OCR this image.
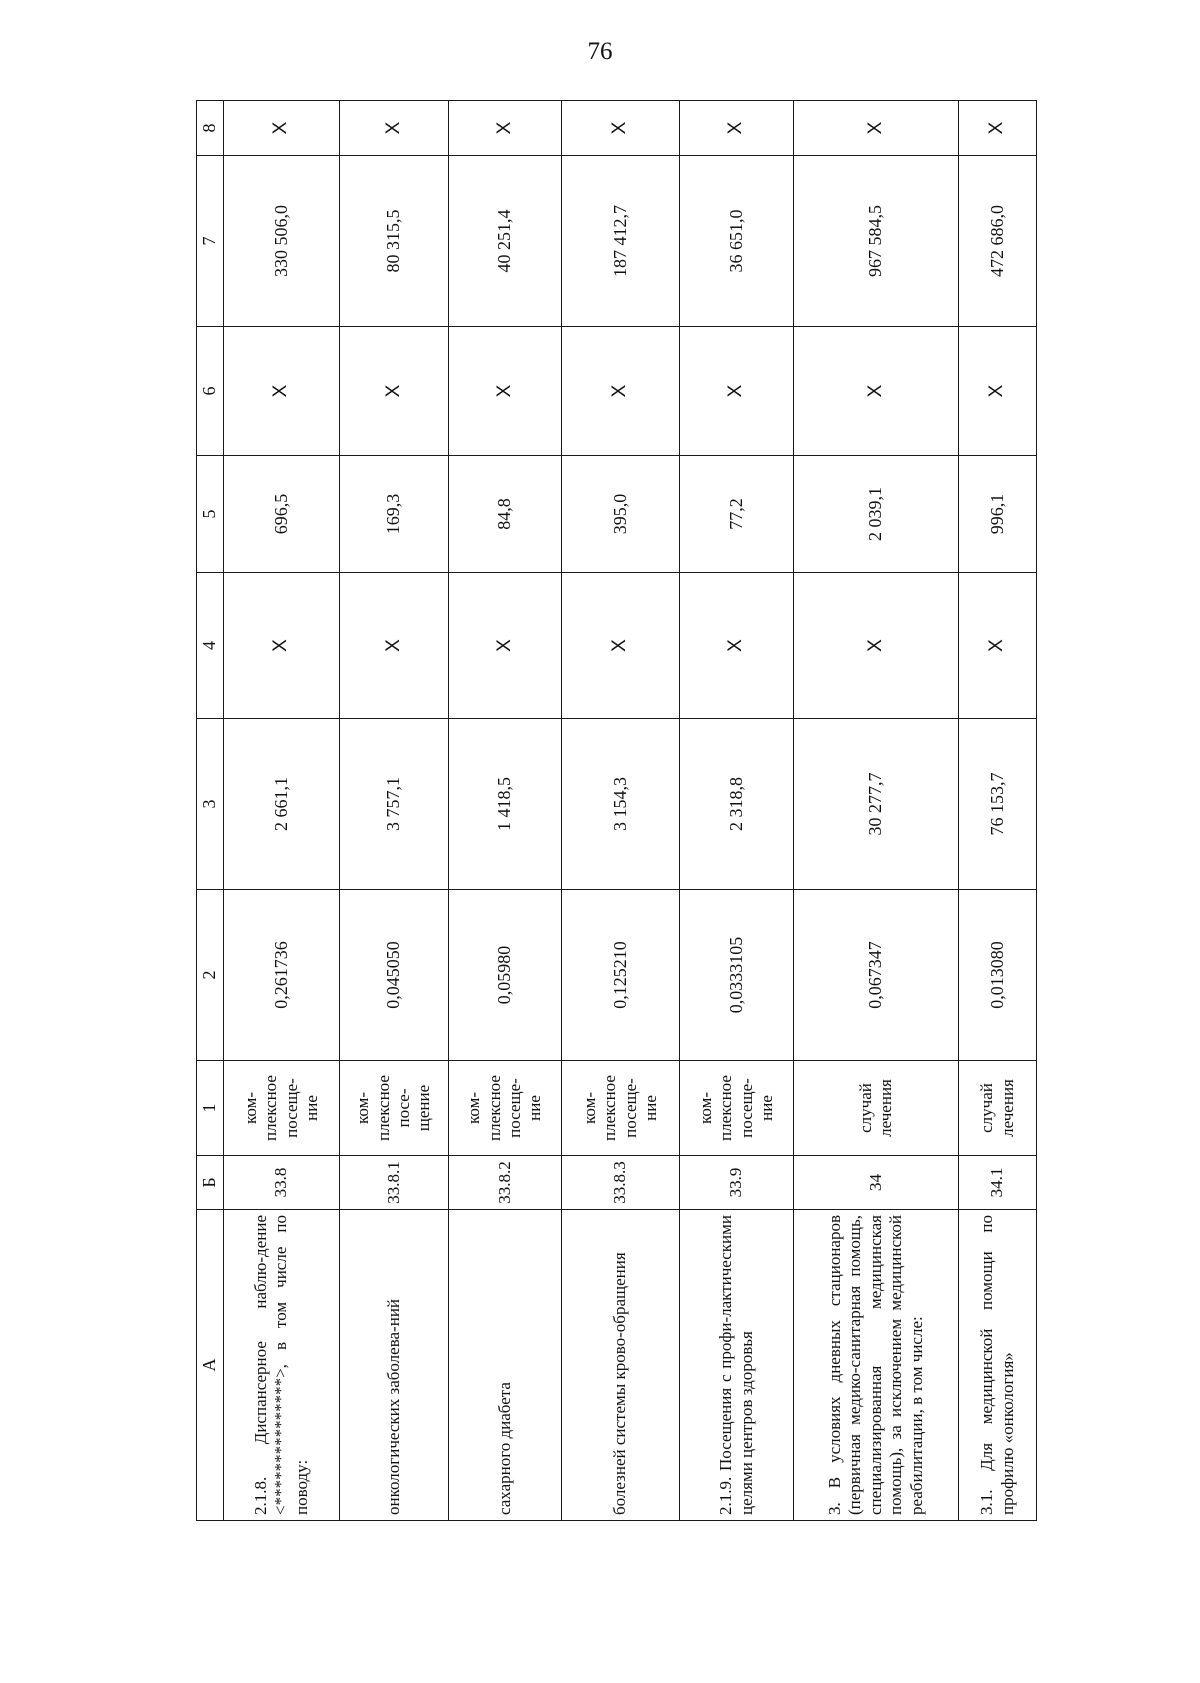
76
А	Б	1	2	3	4	5	6	7	8
2.1.8. Диспансерное наблю-дение <***************>, в том числе по поводу:	33.8	ком-плексное посеще-ние	0,261736	2 661,1	X	696,5	X	330 506,0	X
онкологических заболева-ний	33.8.1	ком-плексное посе-щение	0,045050	3 757,1	X	169,3	X	80 315,5	X
сахарного диабета	33.8.2	ком-плексное посеще-ние	0,05980	1 418,5	X	84,8	X	40 251,4	X
болезней системы крово-обращения	33.8.3	ком-плексное посеще-ние	0,125210	3 154,3	X	395,0	X	187 412,7	X
2.1.9. Посещения с профи-лактическими целями центров здоровья	33.9	ком-плексное посеще-ние	0,0333105	2 318,8	X	77,2	X	36 651,0	X
3. В условиях дневных стационаров (первичная медико-санитарная помощь, специализированная медицинская помощь), за исключением медицинской реабилитации, в том числе:	34	случай лечения	0,067347	30 277,7	X	2 039,1	X	967 584,5	X
3.1. Для медицинской помощи по профилю «онкология»	34.1	случай лечения	0,013080	76 153,7	X	996,1	X	472 686,0	X
